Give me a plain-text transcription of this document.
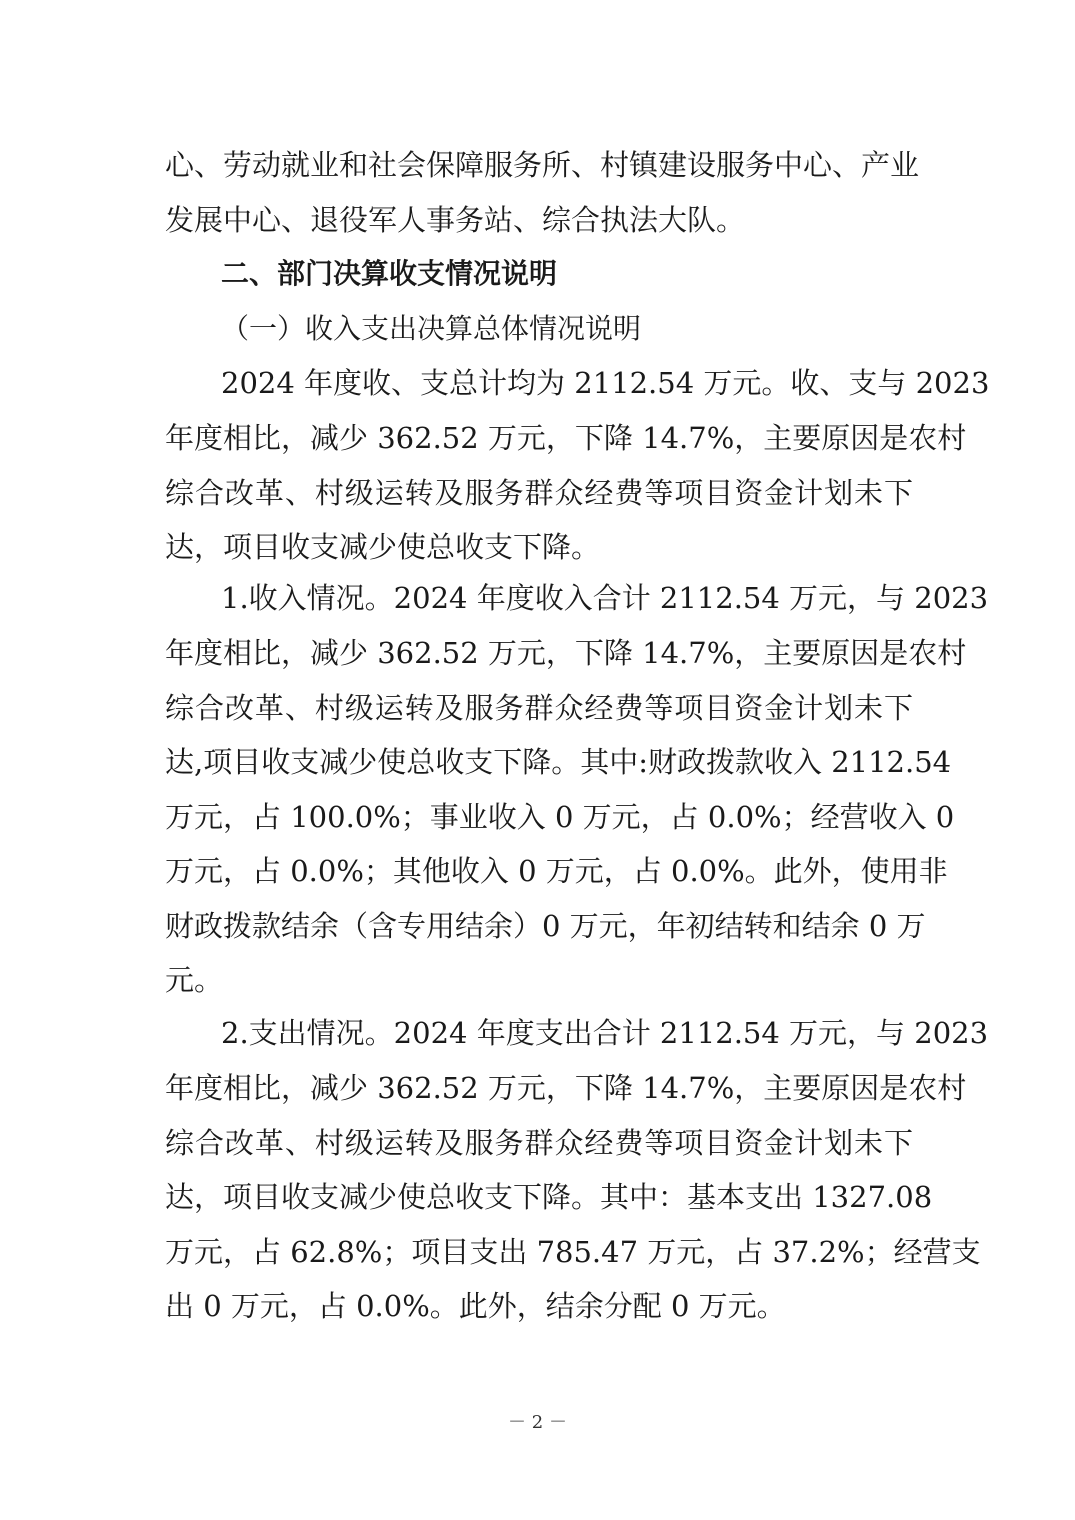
心、劳动就业和社会保障服务所、村镇建设服务中心、产业
发展中心、退役军人事务站、综合执法大队。
二、部门决算收支情况说明
（一）收入支出决算总体情况说明
2024 年度收、支总计均为 2112.54 万元。收、支与 2023
年度相比，减少 362.52 万元，下降 14.7%，主要原因是农村
综合改革、村级运转及服务群众经费等项目资金计划未下
达，项目收支减少使总收支下降。
1.收入情况。2024 年度收入合计 2112.54 万元，与 2023
年度相比，减少 362.52 万元，下降 14.7%，主要原因是农村
综合改革、村级运转及服务群众经费等项目资金计划未下
达,项目收支减少使总收支下降。其中:财政拨款收入 2112.54
万元，占 100.0%；事业收入 0 万元，占 0.0%；经营收入 0
万元，占 0.0%；其他收入 0 万元，占 0.0%。此外，使用非
财政拨款结余（含专用结余）0 万元，年初结转和结余 0 万
元。
2.支出情况。2024 年度支出合计 2112.54 万元，与 2023
年度相比，减少 362.52 万元，下降 14.7%，主要原因是农村
综合改革、村级运转及服务群众经费等项目资金计划未下
达，项目收支减少使总收支下降。其中：基本支出 1327.08
万元，占 62.8%；项目支出 785.47 万元，占 37.2%；经营支
出 0 万元，占 0.0%。此外，结余分配 0 万元。
－ 2 －
